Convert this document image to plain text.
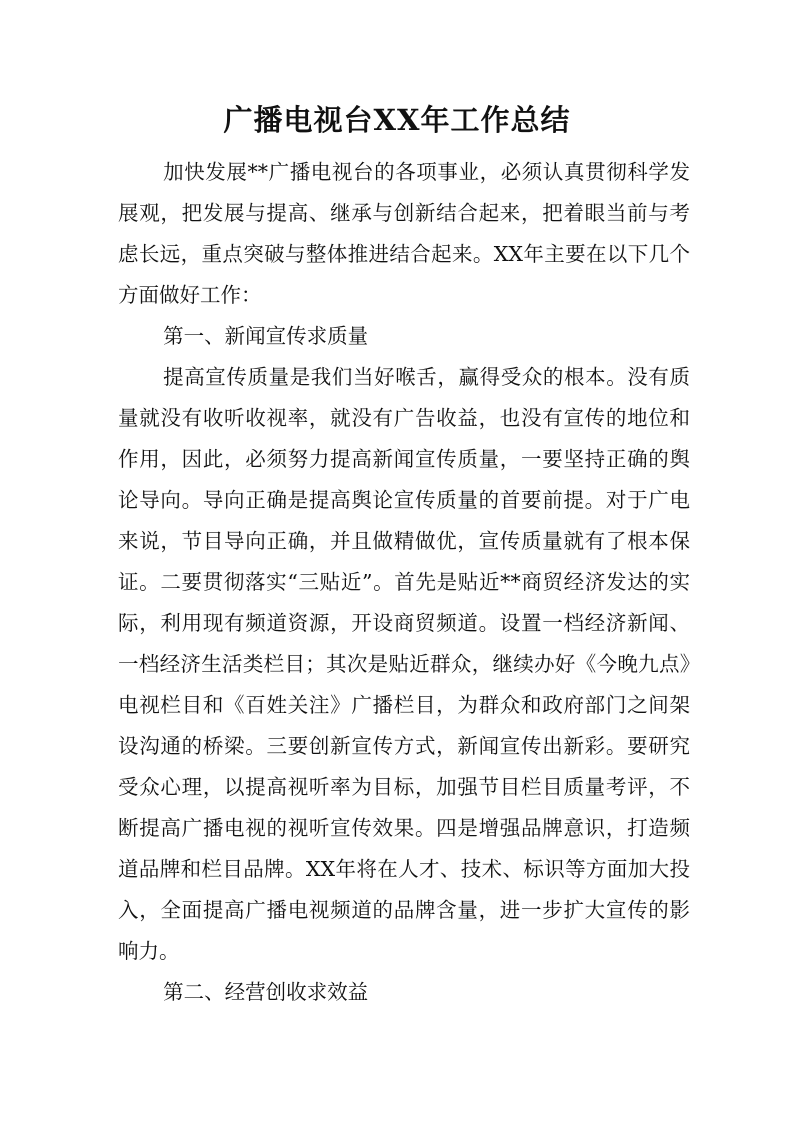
广播电视台XX年工作总结

加快发展**广播电视台的各项事业，必须认真贯彻科学发展观，把发展与提高、继承与创新结合起来，把着眼当前与考虑长远，重点突破与整体推进结合起来。XX年主要在以下几个方面做好工作：

第一、新闻宣传求质量

提高宣传质量是我们当好喉舌，赢得受众的根本。没有质量就没有收听收视率，就没有广告收益，也没有宣传的地位和作用，因此，必须努力提高新闻宣传质量，一要坚持正确的舆论导向。导向正确是提高舆论宣传质量的首要前提。对于广电来说，节目导向正确，并且做精做优，宣传质量就有了根本保证。二要贯彻落实“三贴近”。首先是贴近**商贸经济发达的实际，利用现有频道资源，开设商贸频道。设置一档经济新闻、一档经济生活类栏目；其次是贴近群众，继续办好《今晚九点》电视栏目和《百姓关注》广播栏目，为群众和政府部门之间架设沟通的桥梁。三要创新宣传方式，新闻宣传出新彩。要研究受众心理，以提高视听率为目标，加强节目栏目质量考评，不断提高广播电视的视听宣传效果。四是增强品牌意识，打造频道品牌和栏目品牌。XX年将在人才、技术、标识等方面加大投入，全面提高广播电视频道的品牌含量，进一步扩大宣传的影响力。

第二、经营创收求效益
